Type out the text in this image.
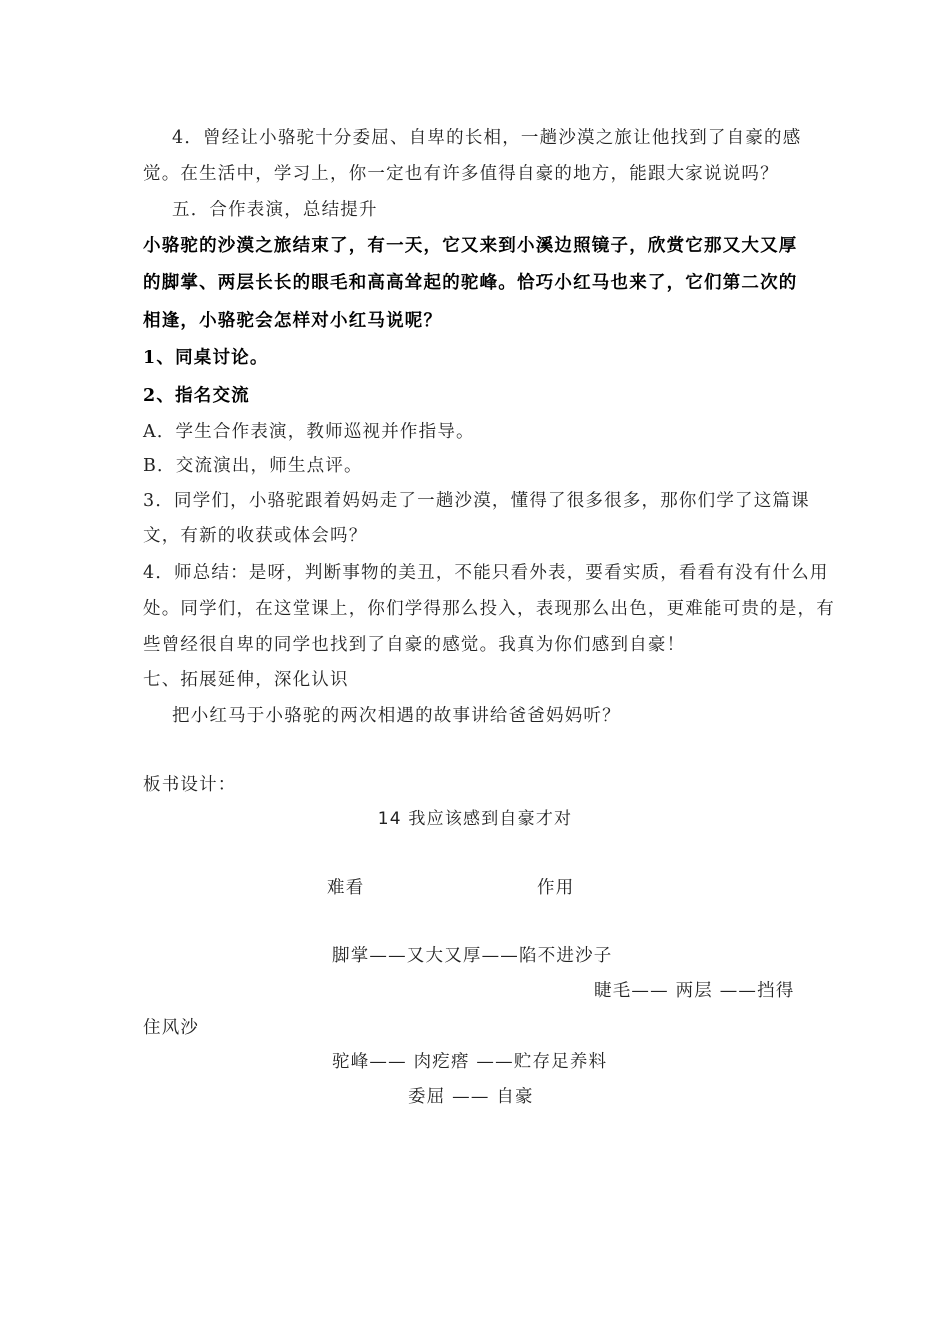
4．曾经让小骆驼十分委屈、自卑的长相，一趟沙漠之旅让他找到了自豪的感
觉。在生活中，学习上，你一定也有许多值得自豪的地方，能跟大家说说吗？
五．合作表演，总结提升
小骆驼的沙漠之旅结束了，有一天，它又来到小溪边照镜子，欣赏它那又大又厚
的脚掌、两层长长的眼毛和高高耸起的驼峰。恰巧小红马也来了，它们第二次的
相逢，小骆驼会怎样对小红马说呢？
1、同桌讨论。
2、指名交流
A．学生合作表演，教师巡视并作指导。
B．交流演出，师生点评。
3．同学们，小骆驼跟着妈妈走了一趟沙漠，懂得了很多很多，那你们学了这篇课
文，有新的收获或体会吗？
4．师总结：是呀，判断事物的美丑，不能只看外表，要看实质，看看有没有什么用
处。同学们，在这堂课上，你们学得那么投入，表现那么出色，更难能可贵的是，有
些曾经很自卑的同学也找到了自豪的感觉。我真为你们感到自豪！
七、拓展延伸，深化认识
把小红马于小骆驼的两次相遇的故事讲给爸爸妈妈听？
板书设计：
14 我应该感到自豪才对
难看	作用
脚掌——又大又厚——陷不进沙子
睫毛—— 两层 ——挡得
住风沙
驼峰—— 肉疙瘩 ——贮存足养料
委屈 —— 自豪
